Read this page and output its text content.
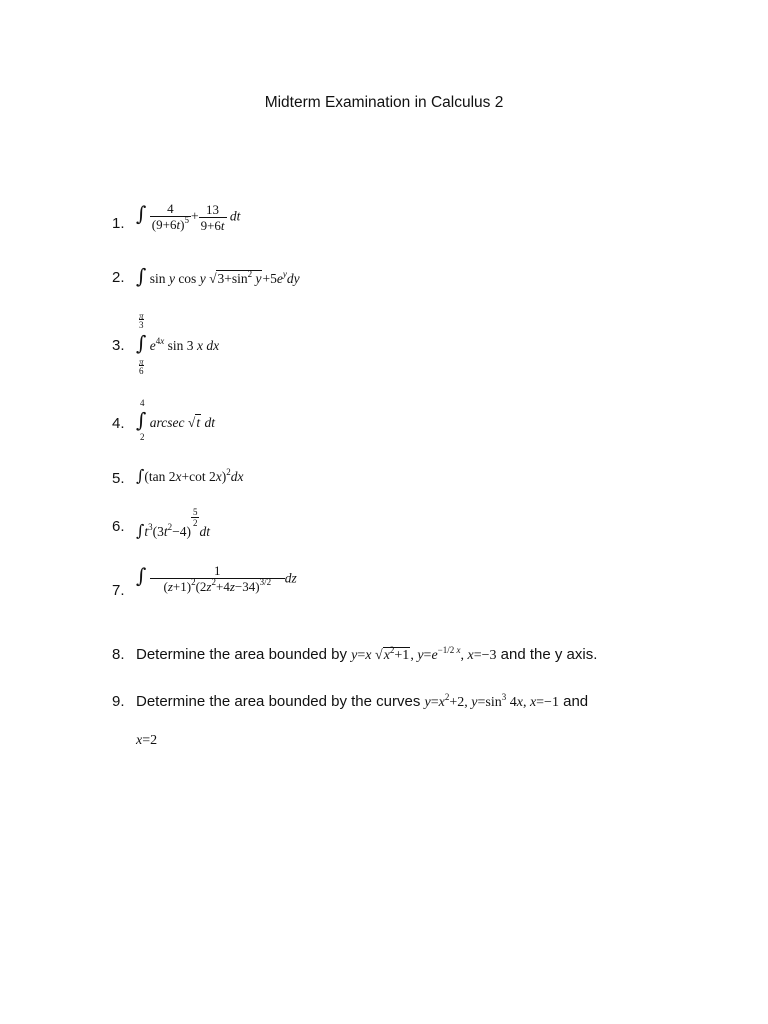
Midterm Examination in Calculus 2
1. ∫ $\frac{4}{(9+6t)^5} + \frac{13}{9+6t}$ dt
2. ∫ sin y cos y $√3+\sin^2$ $y+5e^ydy$
3.
π
3
π
6
∫ $e^{4x}$ sin 3 x dx
4.
4
2
∫ arcsec √t dt
5. ∫(tan 2x+cot 2x)$^2$dx
6. $\int t^3(3t^2-4)$
$\frac{5}{2}$
dt
7.
∫ $\frac{1}{(z+1)^2(2z^2+4z-34)^{3/2}}$ dz
8. Determine the area bounded by y=x $√x^2+1$, $y=e^{-1/2 x}$, x=−3 and the y axis.
9. Determine the area bounded by the curves $y=x^2+2$, $y=\sin^3$ 4x, x=−1 and
x=2
